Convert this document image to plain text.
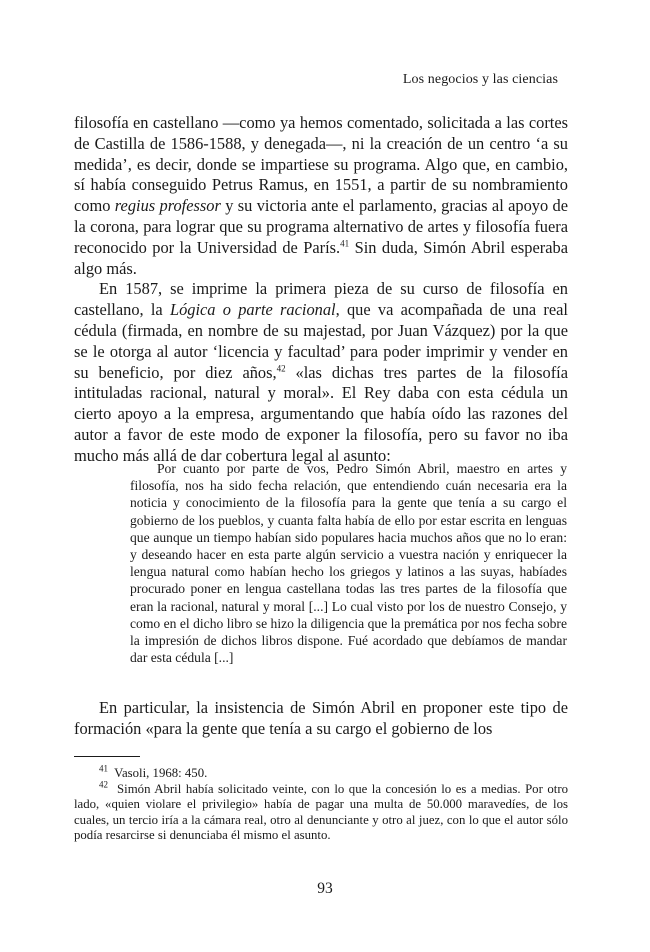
Los negocios y las ciencias

filosofía en castellano —como ya hemos comentado, solicitada a las cortes de Castilla de 1586-1588, y denegada—, ni la creación de un centro ‘a su medida’, es decir, donde se impartiese su programa. Algo que, en cambio, sí había conseguido Petrus Ramus, en 1551, a partir de su nombramiento como regius professor y su victoria ante el parlamento, gracias al apoyo de la corona, para lograr que su programa alternativo de artes y filosofía fuera reconocido por la Universidad de París.$^{41}$ Sin duda, Simón Abril esperaba algo más.

En 1587, se imprime la primera pieza de su curso de filosofía en castellano, la Lógica o parte racional, que va acompañada de una real cédula (firmada, en nombre de su majestad, por Juan Vázquez) por la que se le otorga al autor ‘licencia y facultad’ para poder imprimir y vender en su beneficio, por diez años,$^{42}$ «las dichas tres partes de la filosofía intituladas racional, natural y moral». El Rey daba con esta cédula un cierto apoyo a la empresa, argumentando que había oído las razones del autor a favor de este modo de exponer la filosofía, pero su favor no iba mucho más allá de dar cobertura legal al asunto:

Por cuanto por parte de vos, Pedro Simón Abril, maestro en artes y filosofía, nos ha sido fecha relación, que entendiendo cuán necesaria era la noticia y conocimiento de la filosofía para la gente que tenía a su cargo el gobierno de los pueblos, y cuanta falta había de ello por estar escrita en lenguas que aunque un tiempo habían sido populares hacia muchos años que no lo eran: y deseando hacer en esta parte algún servicio a vuestra nación y enriquecer la lengua natural como habían hecho los griegos y latinos a las suyas, habíades procurado poner en lengua castellana todas las tres partes de la filosofía que eran la racional, natural y moral [...] Lo cual visto por los de nuestro Consejo, y como en el dicho libro se hizo la diligencia que la premática por nos fecha sobre la impresión de dichos libros dispone. Fué acordado que debíamos de mandar dar esta cédula [...]
En particular, la insistencia de Simón Abril en proponer este tipo de formación «para la gente que tenía a su cargo el gobierno de los

$^{41}$ Vasoli, 1968: 450.

$^{42}$ Simón Abril había solicitado veinte, con lo que la concesión lo es a medias. Por otro lado, «quien violare el privilegio» había de pagar una multa de 50.000 maravedíes, de los cuales, un tercio iría a la cámara real, otro al denunciante y otro al juez, con lo que el autor sólo podía resarcirse si denunciaba él mismo el asunto.

93
